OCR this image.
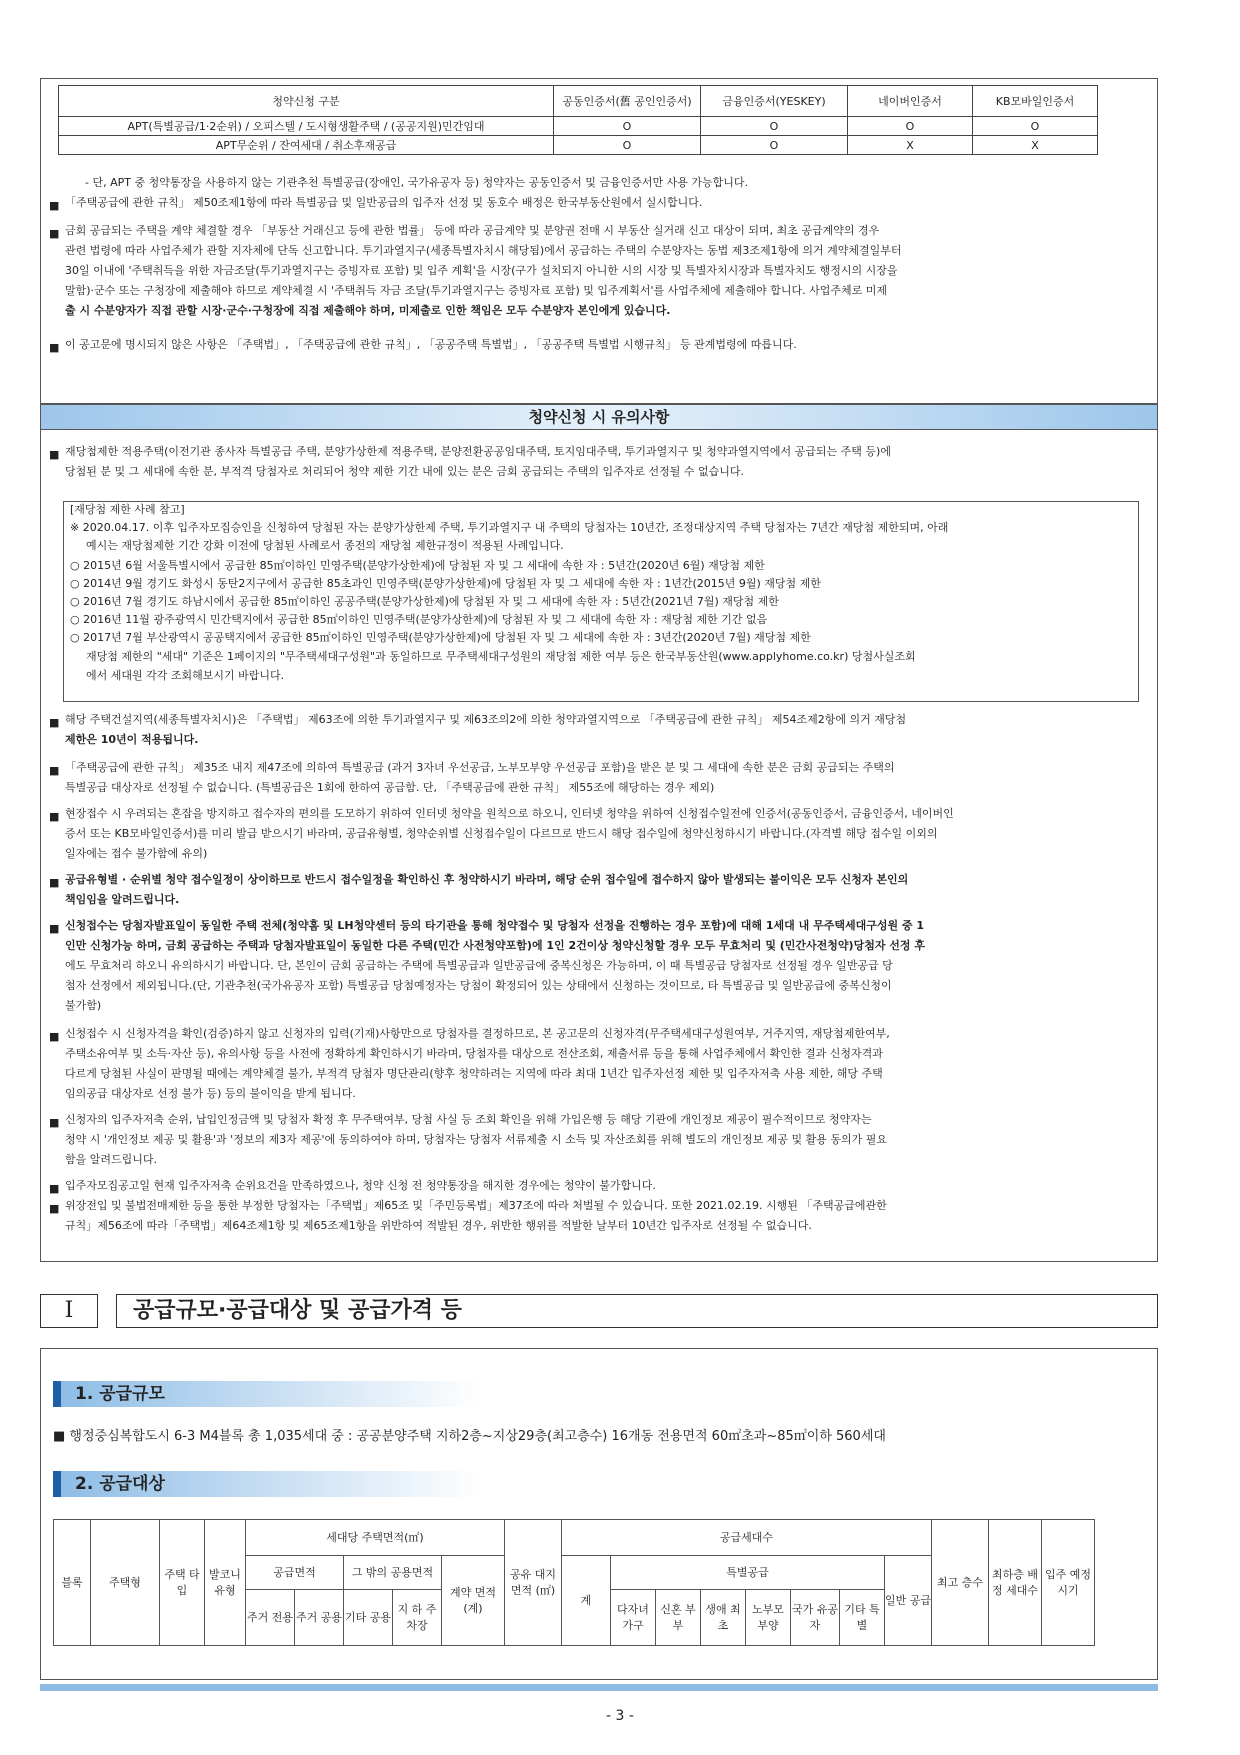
청약신청 구분	공동인증서(舊 공인인증서)	금융인증서(YESKEY)	네이버인증서	KB모바일인증서
APT(특별공급/1·2순위) / 오피스텔 / 도시형생활주택 / (공공지원)민간임대	O	O	O	O
APT무순위 / 잔여세대 / 취소후재공급	O	O	X	X
- 단, APT 중 청약통장을 사용하지 않는 기관추천 특별공급(장애인, 국가유공자 등) 청약자는 공동인증서 및 금융인증서만 사용 가능합니다.
■ 「주택공급에 관한 규칙」 제50조제1항에 따라 특별공급 및 일반공급의 입주자 선정 및 동호수 배정은 한국부동산원에서 실시합니다.
■ 금회 공급되는 주택을 계약 체결할 경우 「부동산 거래신고 등에 관한 법률」 등에 따라 공급계약 및 분양권 전매 시 부동산 실거래 신고 대상이 되며, 최초 공급계약의 경우
관련 법령에 따라 사업주체가 관할 지자체에 단독 신고합니다. 투기과열지구(세종특별자치시 해당됨)에서 공급하는 주택의 수분양자는 동법 제3조제1항에 의거 계약체결일부터
30일 이내에 '주택취득을 위한 자금조달(투기과열지구는 증빙자료 포함) 및 입주 계획'을 시장(구가 설치되지 아니한 시의 시장 및 특별자치시장과 특별자치도 행정시의 시장을
말함)·군수 또는 구청장에 제출해야 하므로 계약체결 시 '주택취득 자금 조달(투기과열지구는 증빙자료 포함) 및 입주계획서'를 사업주체에 제출해야 합니다. 사업주체로 미제
출 시 수분양자가 직접 관할 시장·군수·구청장에 직접 제출해야 하며, 미제출로 인한 책임은 모두 수분양자 본인에게 있습니다.
■ 이 공고문에 명시되지 않은 사항은 「주택법」, 「주택공급에 관한 규칙」, 「공공주택 특별법」, 「공공주택 특별법 시행규칙」 등 관계법령에 따릅니다.
청약신청 시 유의사항
■ 재당첨제한 적용주택(이전기관 종사자 특별공급 주택, 분양가상한제 적용주택, 분양전환공공임대주택, 토지임대주택, 투기과열지구 및 청약과열지역에서 공급되는 주택 등)에
당첨된 분 및 그 세대에 속한 분, 부적격 당첨자로 처리되어 청약 제한 기간 내에 있는 분은 금회 공급되는 주택의 입주자로 선정될 수 없습니다.
[재당첨 제한 사례 참고]
※ 2020.04.17. 이후 입주자모집승인을 신청하여 당첨된 자는 분양가상한제 주택, 투기과열지구 내 주택의 당첨자는 10년간, 조정대상지역 주택 당첨자는 7년간 재당첨 제한되며, 아래
예시는 재당첨제한 기간 강화 이전에 당첨된 사례로서 종전의 재당첨 제한규정이 적용된 사례입니다.
○ 2015년 6월 서울특별시에서 공급한 85㎡이하인 민영주택(분양가상한제)에 당첨된 자 및 그 세대에 속한 자 : 5년간(2020년 6월) 재당첨 제한
○ 2014년 9월 경기도 화성시 동탄2지구에서 공급한 85초과인 민영주택(분양가상한제)에 당첨된 자 및 그 세대에 속한 자 : 1년간(2015년 9월) 재당첨 제한
○ 2016년 7월 경기도 하남시에서 공급한 85㎡이하인 공공주택(분양가상한제)에 당첨된 자 및 그 세대에 속한 자 : 5년간(2021년 7월) 재당첨 제한
○ 2016년 11월 광주광역시 민간택지에서 공급한 85㎡이하인 민영주택(분양가상한제)에 당첨된 자 및 그 세대에 속한 자 : 재당첨 제한 기간 없음
○ 2017년 7월 부산광역시 공공택지에서 공급한 85㎡이하인 민영주택(분양가상한제)에 당첨된 자 및 그 세대에 속한 자 : 3년간(2020년 7월) 재당첨 제한
재당첨 제한의 "세대" 기준은 1페이지의 "무주택세대구성원"과 동일하므로 무주택세대구성원의 재당첨 제한 여부 등은 한국부동산원(www.applyhome.co.kr) 당첨사실조회
에서 세대원 각각 조회해보시기 바랍니다.
■ 해당 주택건설지역(세종특별자치시)은 「주택법」 제63조에 의한 투기과열지구 및 제63조의2에 의한 청약과열지역으로 「주택공급에 관한 규칙」 제54조제2항에 의거 재당첨
제한은 10년이 적용됩니다.
■ 「주택공급에 관한 규칙」 제35조 내지 제47조에 의하여 특별공급 (과거 3자녀 우선공급, 노부모부양 우선공급 포함)을 받은 분 및 그 세대에 속한 분은 금회 공급되는 주택의
특별공급 대상자로 선정될 수 없습니다. (특별공급은 1회에 한하여 공급함. 단, 「주택공급에 관한 규칙」 제55조에 해당하는 경우 제외)
■ 현장접수 시 우려되는 혼잡을 방지하고 접수자의 편의를 도모하기 위하여 인터넷 청약을 원칙으로 하오니, 인터넷 청약을 위하여 신청접수일전에 인증서(공동인증서, 금융인증서, 네이버인
증서 또는 KB모바일인증서)를 미리 발급 받으시기 바라며, 공급유형별, 청약순위별 신청접수일이 다르므로 반드시 해당 접수일에 청약신청하시기 바랍니다.(자격별 해당 접수일 이외의
일자에는 접수 불가함에 유의)
■ 공급유형별 · 순위별 청약 접수일정이 상이하므로 반드시 접수일정을 확인하신 후 청약하시기 바라며, 해당 순위 접수일에 접수하지 않아 발생되는 불이익은 모두 신청자 본인의
책임임을 알려드립니다.
■ 신청접수는 당첨자발표일이 동일한 주택 전체(청약홈 및 LH청약센터 등의 타기관을 통해 청약접수 및 당첨자 선정을 진행하는 경우 포함)에 대해 1세대 내 무주택세대구성원 중 1
인만 신청가능 하며, 금회 공급하는 주택과 당첨자발표일이 동일한 다른 주택(민간 사전청약포함)에 1인 2건이상 청약신청할 경우 모두 무효처리 및 (민간사전청약)당첨자 선정 후
에도 무효처리 하오니 유의하시기 바랍니다. 단, 본인이 금회 공급하는 주택에 특별공급과 일반공급에 중복신청은 가능하며, 이 때 특별공급 당첨자로 선정될 경우 일반공급 당
첨자 선정에서 제외됩니다.(단, 기관추천(국가유공자 포함) 특별공급 당첨예정자는 당첨이 확정되어 있는 상태에서 신청하는 것이므로, 타 특별공급 및 일반공급에 중복신청이
불가함)
■ 신청접수 시 신청자격을 확인(검증)하지 않고 신청자의 입력(기재)사항만으로 당첨자를 결정하므로, 본 공고문의 신청자격(무주택세대구성원여부, 거주지역, 재당첨제한여부,
주택소유여부 및 소득·자산 등), 유의사항 등을 사전에 정확하게 확인하시기 바라며, 당첨자를 대상으로 전산조회, 제출서류 등을 통해 사업주체에서 확인한 결과 신청자격과
다르게 당첨된 사실이 판명될 때에는 계약체결 불가, 부적격 당첨자 명단관리(향후 청약하려는 지역에 따라 최대 1년간 입주자선정 제한 및 입주자저축 사용 제한, 해당 주택
임의공급 대상자로 선정 불가 등) 등의 불이익을 받게 됩니다.
■ 신청자의 입주자저축 순위, 납입인정금액 및 당첨자 확정 후 무주택여부, 당첨 사실 등 조회 확인을 위해 가입은행 등 해당 기관에 개인정보 제공이 필수적이므로 청약자는
청약 시 '개인정보 제공 및 활용'과 '정보의 제3자 제공'에 동의하여야 하며, 당첨자는 당첨자 서류제출 시 소득 및 자산조회를 위해 별도의 개인정보 제공 및 활용 동의가 필요
함을 알려드립니다.
■ 입주자모집공고일 현재 입주자저축 순위요건을 만족하였으나, 청약 신청 전 청약통장을 해지한 경우에는 청약이 불가합니다.
■ 위장전입 및 불법전매제한 등을 통한 부정한 당첨자는「주택법」제65조 및「주민등록법」제37조에 따라 처벌될 수 있습니다. 또한 2021.02.19. 시행된 「주택공급에관한
규칙」제56조에 따라「주택법」제64조제1항 및 제65조제1항을 위반하여 적발된 경우, 위반한 행위를 적발한 날부터 10년간 입주자로 선정될 수 없습니다.
Ⅰ	공급규모·공급대상 및 공급가격 등
1. 공급규모
■ 행정중심복합도시 6-3 M4블록 총 1,035세대 중 : 공공분양주택 지하2층~지상29층(최고층수) 16개동 전용면적 60㎡초과~85㎡이하 560세대
2. 공급대상
블록	주택형	주택 타입	발코니 유형	세대당 주택면적(㎡)					공유 대지 면적 (㎡)	공급세대수								최고 층수	최하층 배정 세대수	입주 예정 시기
				공급면적		그 밖의 공용면적		계약 면적 (계)		계	특별공급						일반 공급			
				주거 전용	주거 공용	기타 공용	지 하 주차장				다자녀 가구	신혼 부부	생애 최초	노부모 부양	국가 유공자	기타 특별				
- 3 -
